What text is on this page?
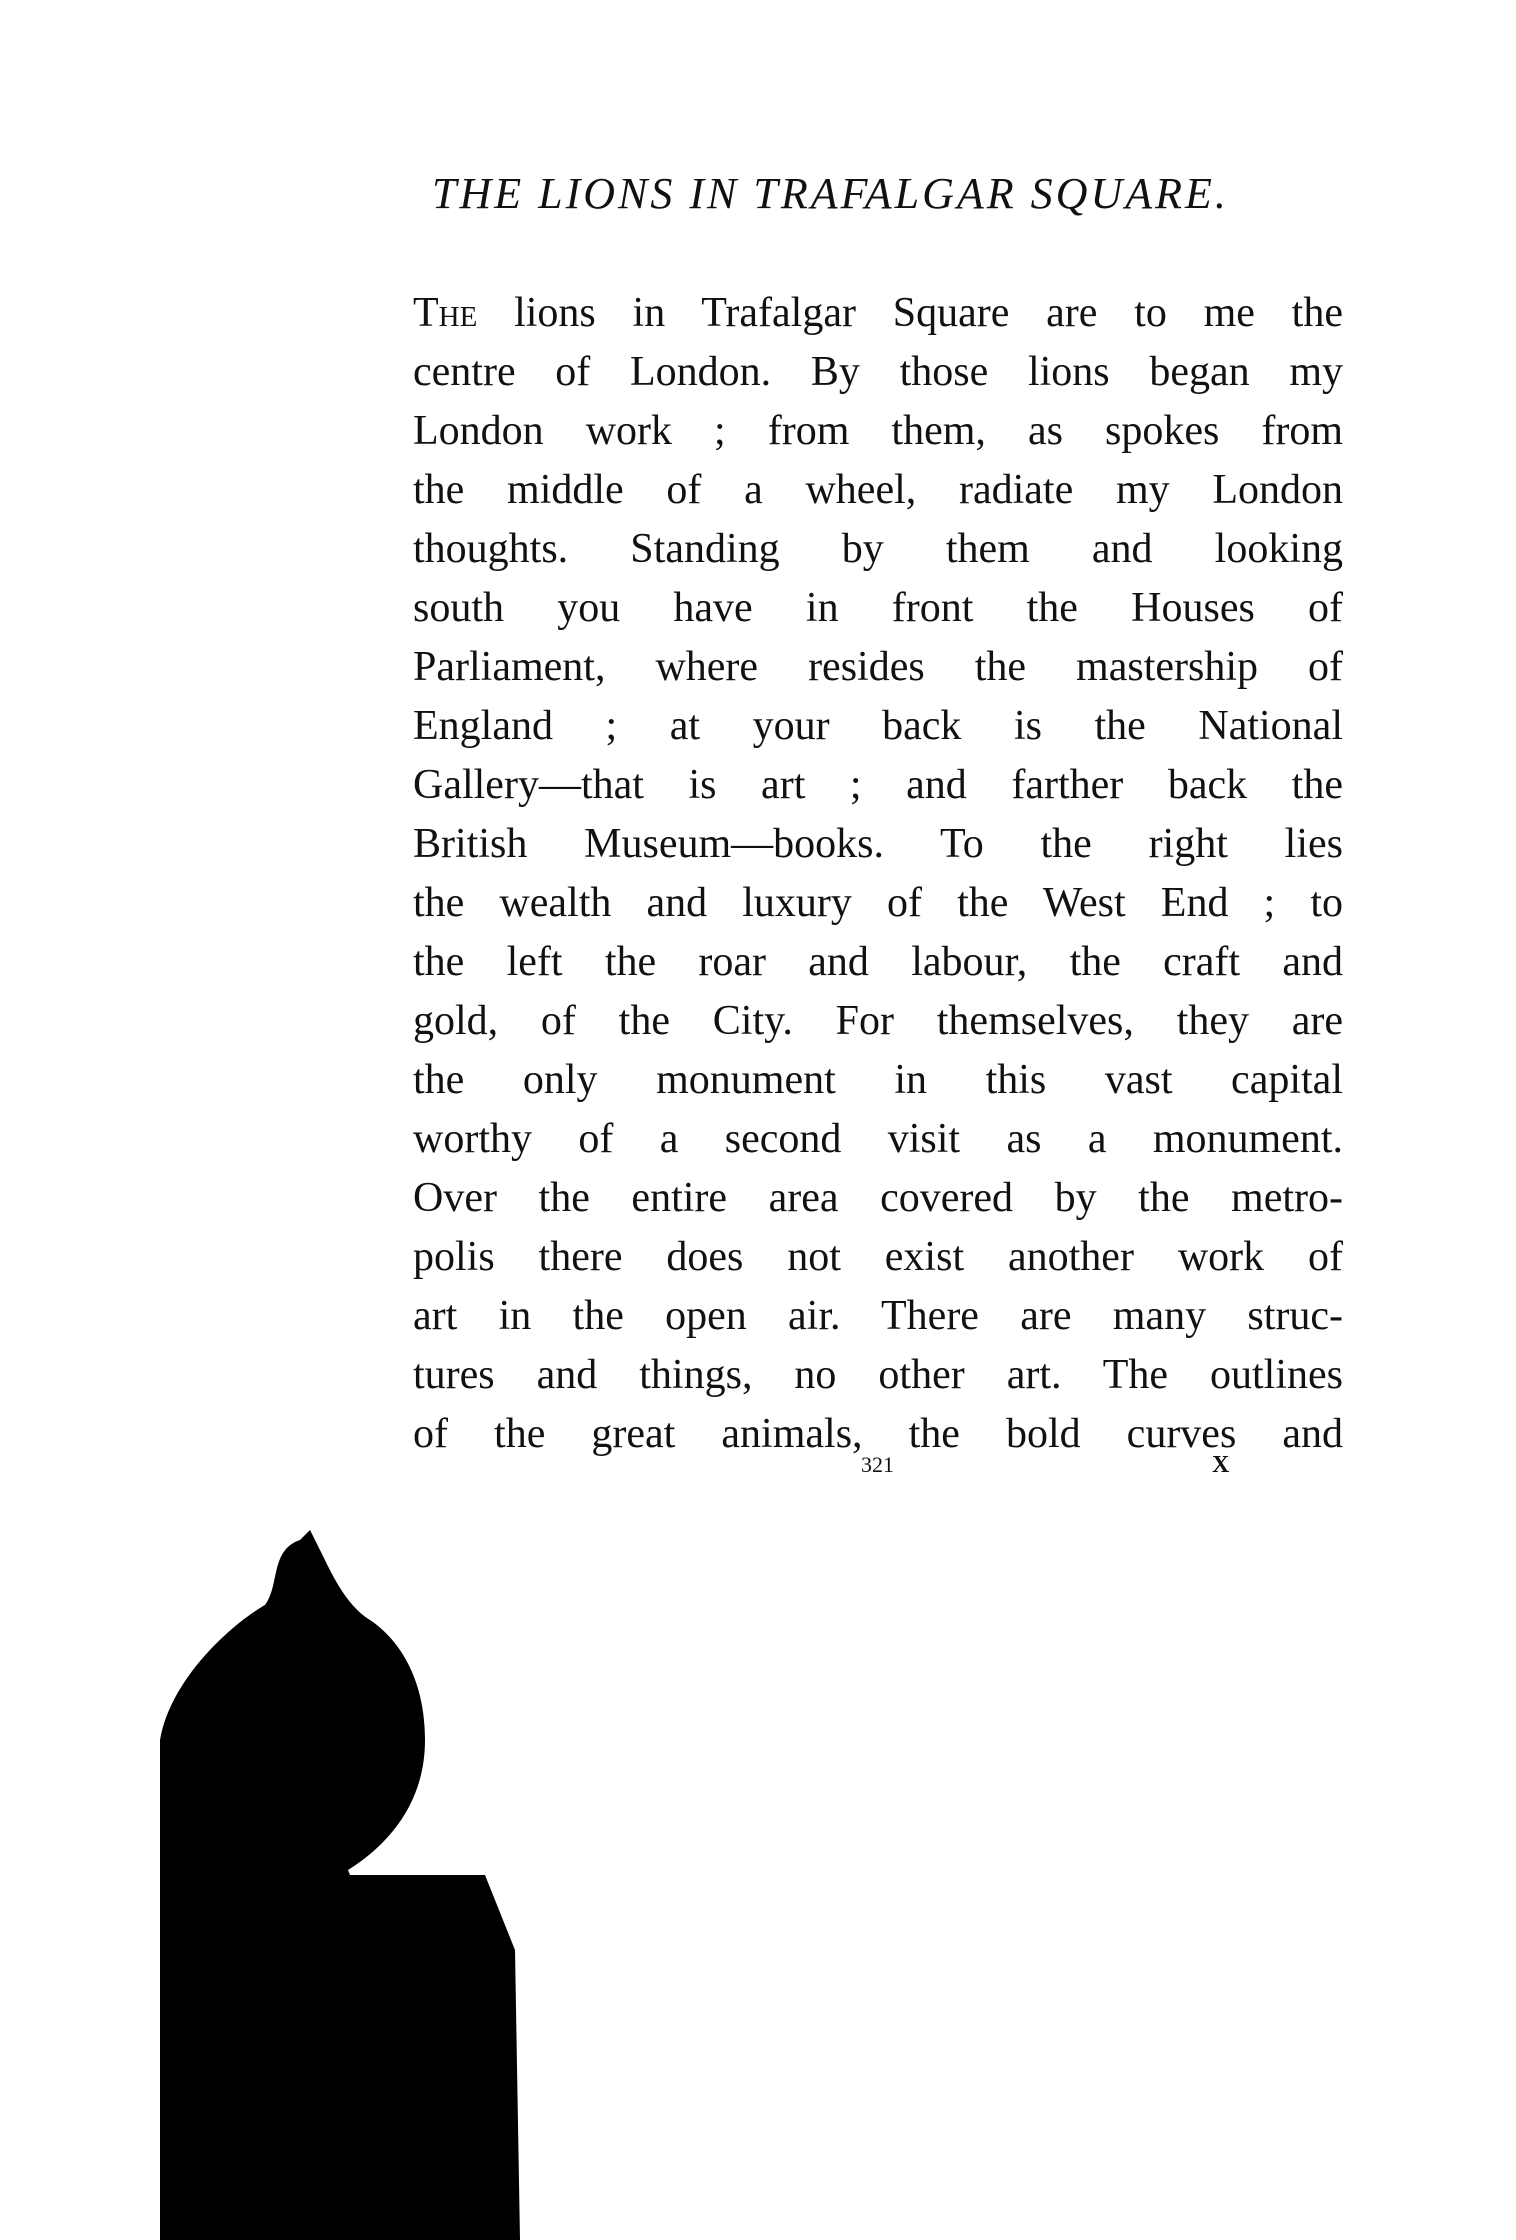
THE LIONS IN TRAFALGAR SQUARE.
The lions in Trafalgar Square are to me the
centre of London. By those lions began my
London work ; from them, as spokes from
the middle of a wheel, radiate my London
thoughts. Standing by them and looking
south you have in front the Houses of
Parliament, where resides the mastership of
England ; at your back is the National
Gallery—that is art ; and farther back the
British Museum—books. To the right lies
the wealth and luxury of the West End ; to
the left the roar and labour, the craft and
gold, of the City. For themselves, they are
the only monument in this vast capital
worthy of a second visit as a monument.
Over the entire area covered by the metro-
polis there does not exist another work of
art in the open air. There are many struc-
tures and things, no other art. The outlines
of the great animals, the bold curves and
321	X
